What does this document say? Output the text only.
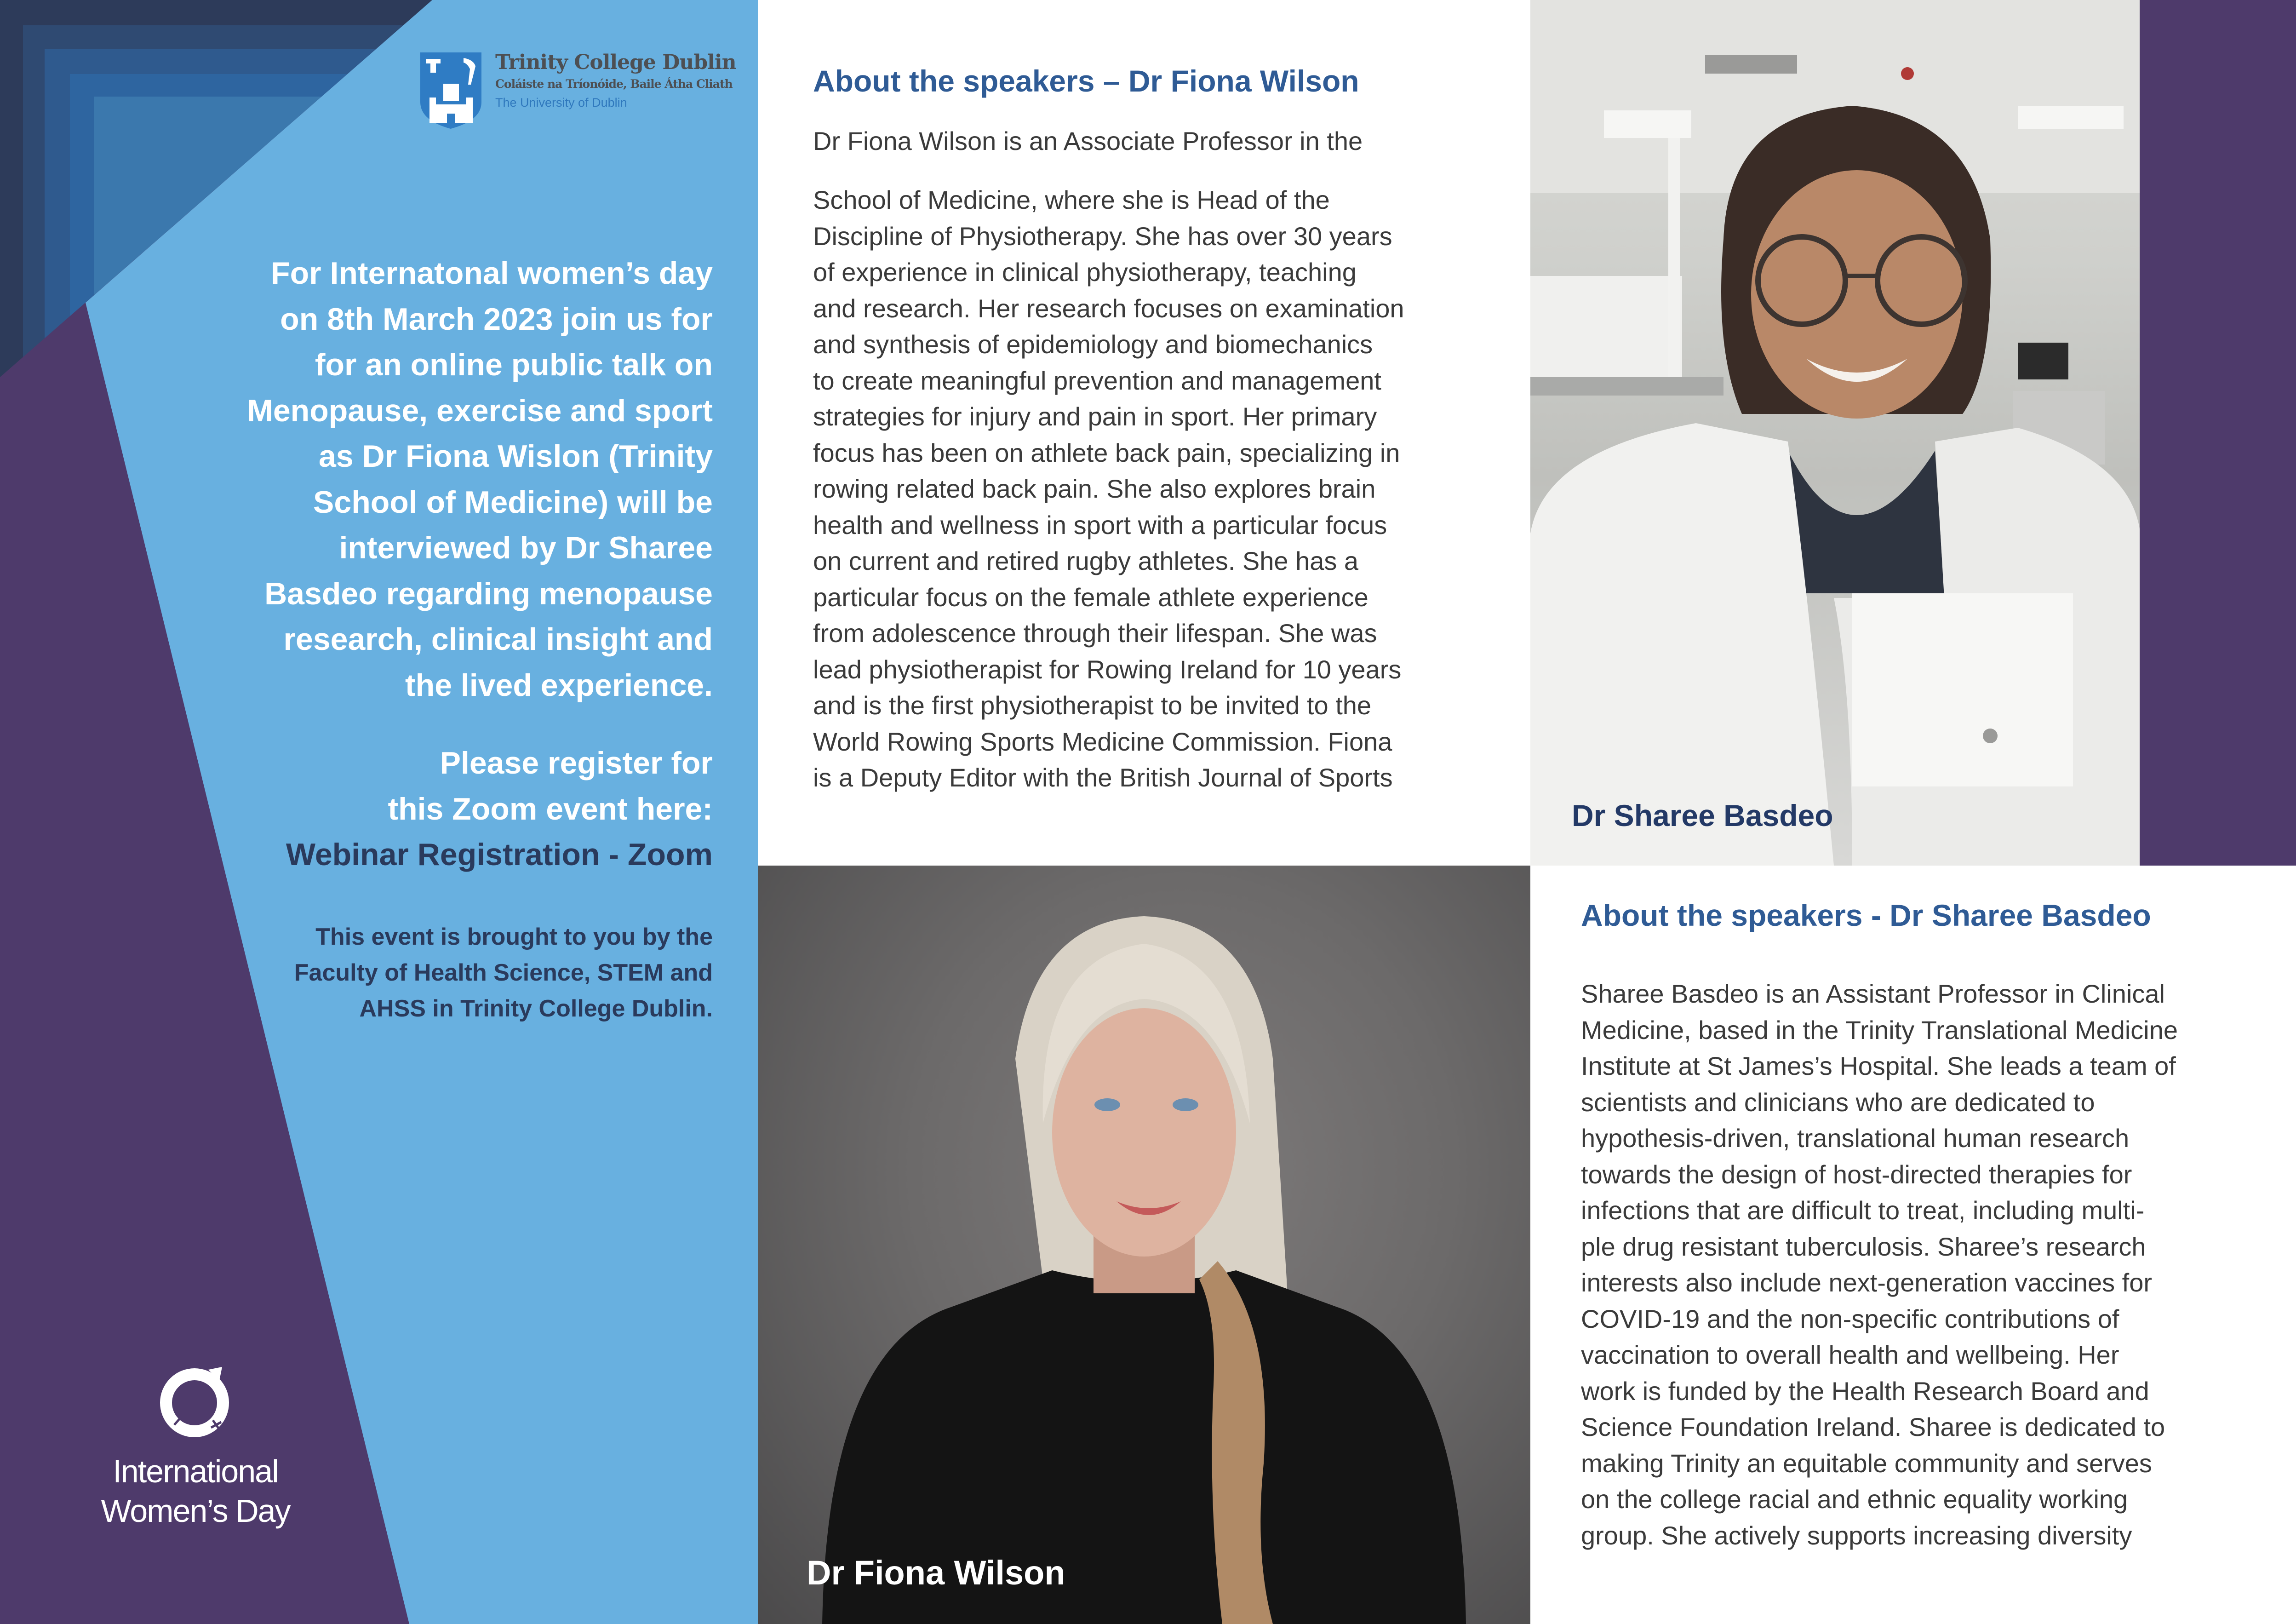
Trinity College Dublin
Coláiste na Tríonóide, Baile Átha Cliath
The University of Dublin
For Internatonal women’s day
on 8th March 2023 join us for
for an online public talk on
Menopause, exercise and sport
as Dr Fiona Wislon (Trinity
School of Medicine) will be
interviewed by Dr Sharee
Basdeo regarding menopause
research, clinical insight and
the lived experience.
Please register for
this Zoom event here:
Webinar Registration - Zoom
This event is brought to you by the
Faculty of Health Science, STEM and
AHSS in Trinity College Dublin.
International
Women’s Day
About the speakers – Dr Fiona Wilson
Dr Fiona Wilson is an Associate Professor in the
School of Medicine, where she is Head of the
Discipline of Physiotherapy. She has over 30 years
of experience in clinical physiotherapy, teaching
and research. Her research focuses on examination
and synthesis of epidemiology and biomechanics
to create meaningful prevention and management
strategies for injury and pain in sport. Her primary
focus has been on athlete back pain, specializing in
rowing related back pain. She also explores brain
health and wellness in sport with a particular focus
on current and retired rugby athletes. She has a
particular focus on the female athlete experience
from adolescence through their lifespan. She was
lead physiotherapist for Rowing Ireland for 10 years
and is the first physiotherapist to be invited to the
World Rowing Sports Medicine Commission. Fiona
is a Deputy Editor with the British Journal of Sports
Dr Fiona Wilson
Dr Sharee Basdeo
About the speakers - Dr Sharee Basdeo
Sharee Basdeo is an Assistant Professor in Clinical
Medicine, based in the Trinity Translational Medicine
Institute at St James’s Hospital. She leads a team of
scientists and clinicians who are dedicated to
hypothesis-driven, translational human research
towards the design of host-directed therapies for
infections that are difficult to treat, including multi-
ple drug resistant tuberculosis. Sharee’s research
interests also include next-generation vaccines for
COVID-19 and the non-specific contributions of
vaccination to overall health and wellbeing. Her
work is funded by the Health Research Board and
Science Foundation Ireland. Sharee is dedicated to
making Trinity an equitable community and serves
on the college racial and ethnic equality working
group. She actively supports increasing diversity
